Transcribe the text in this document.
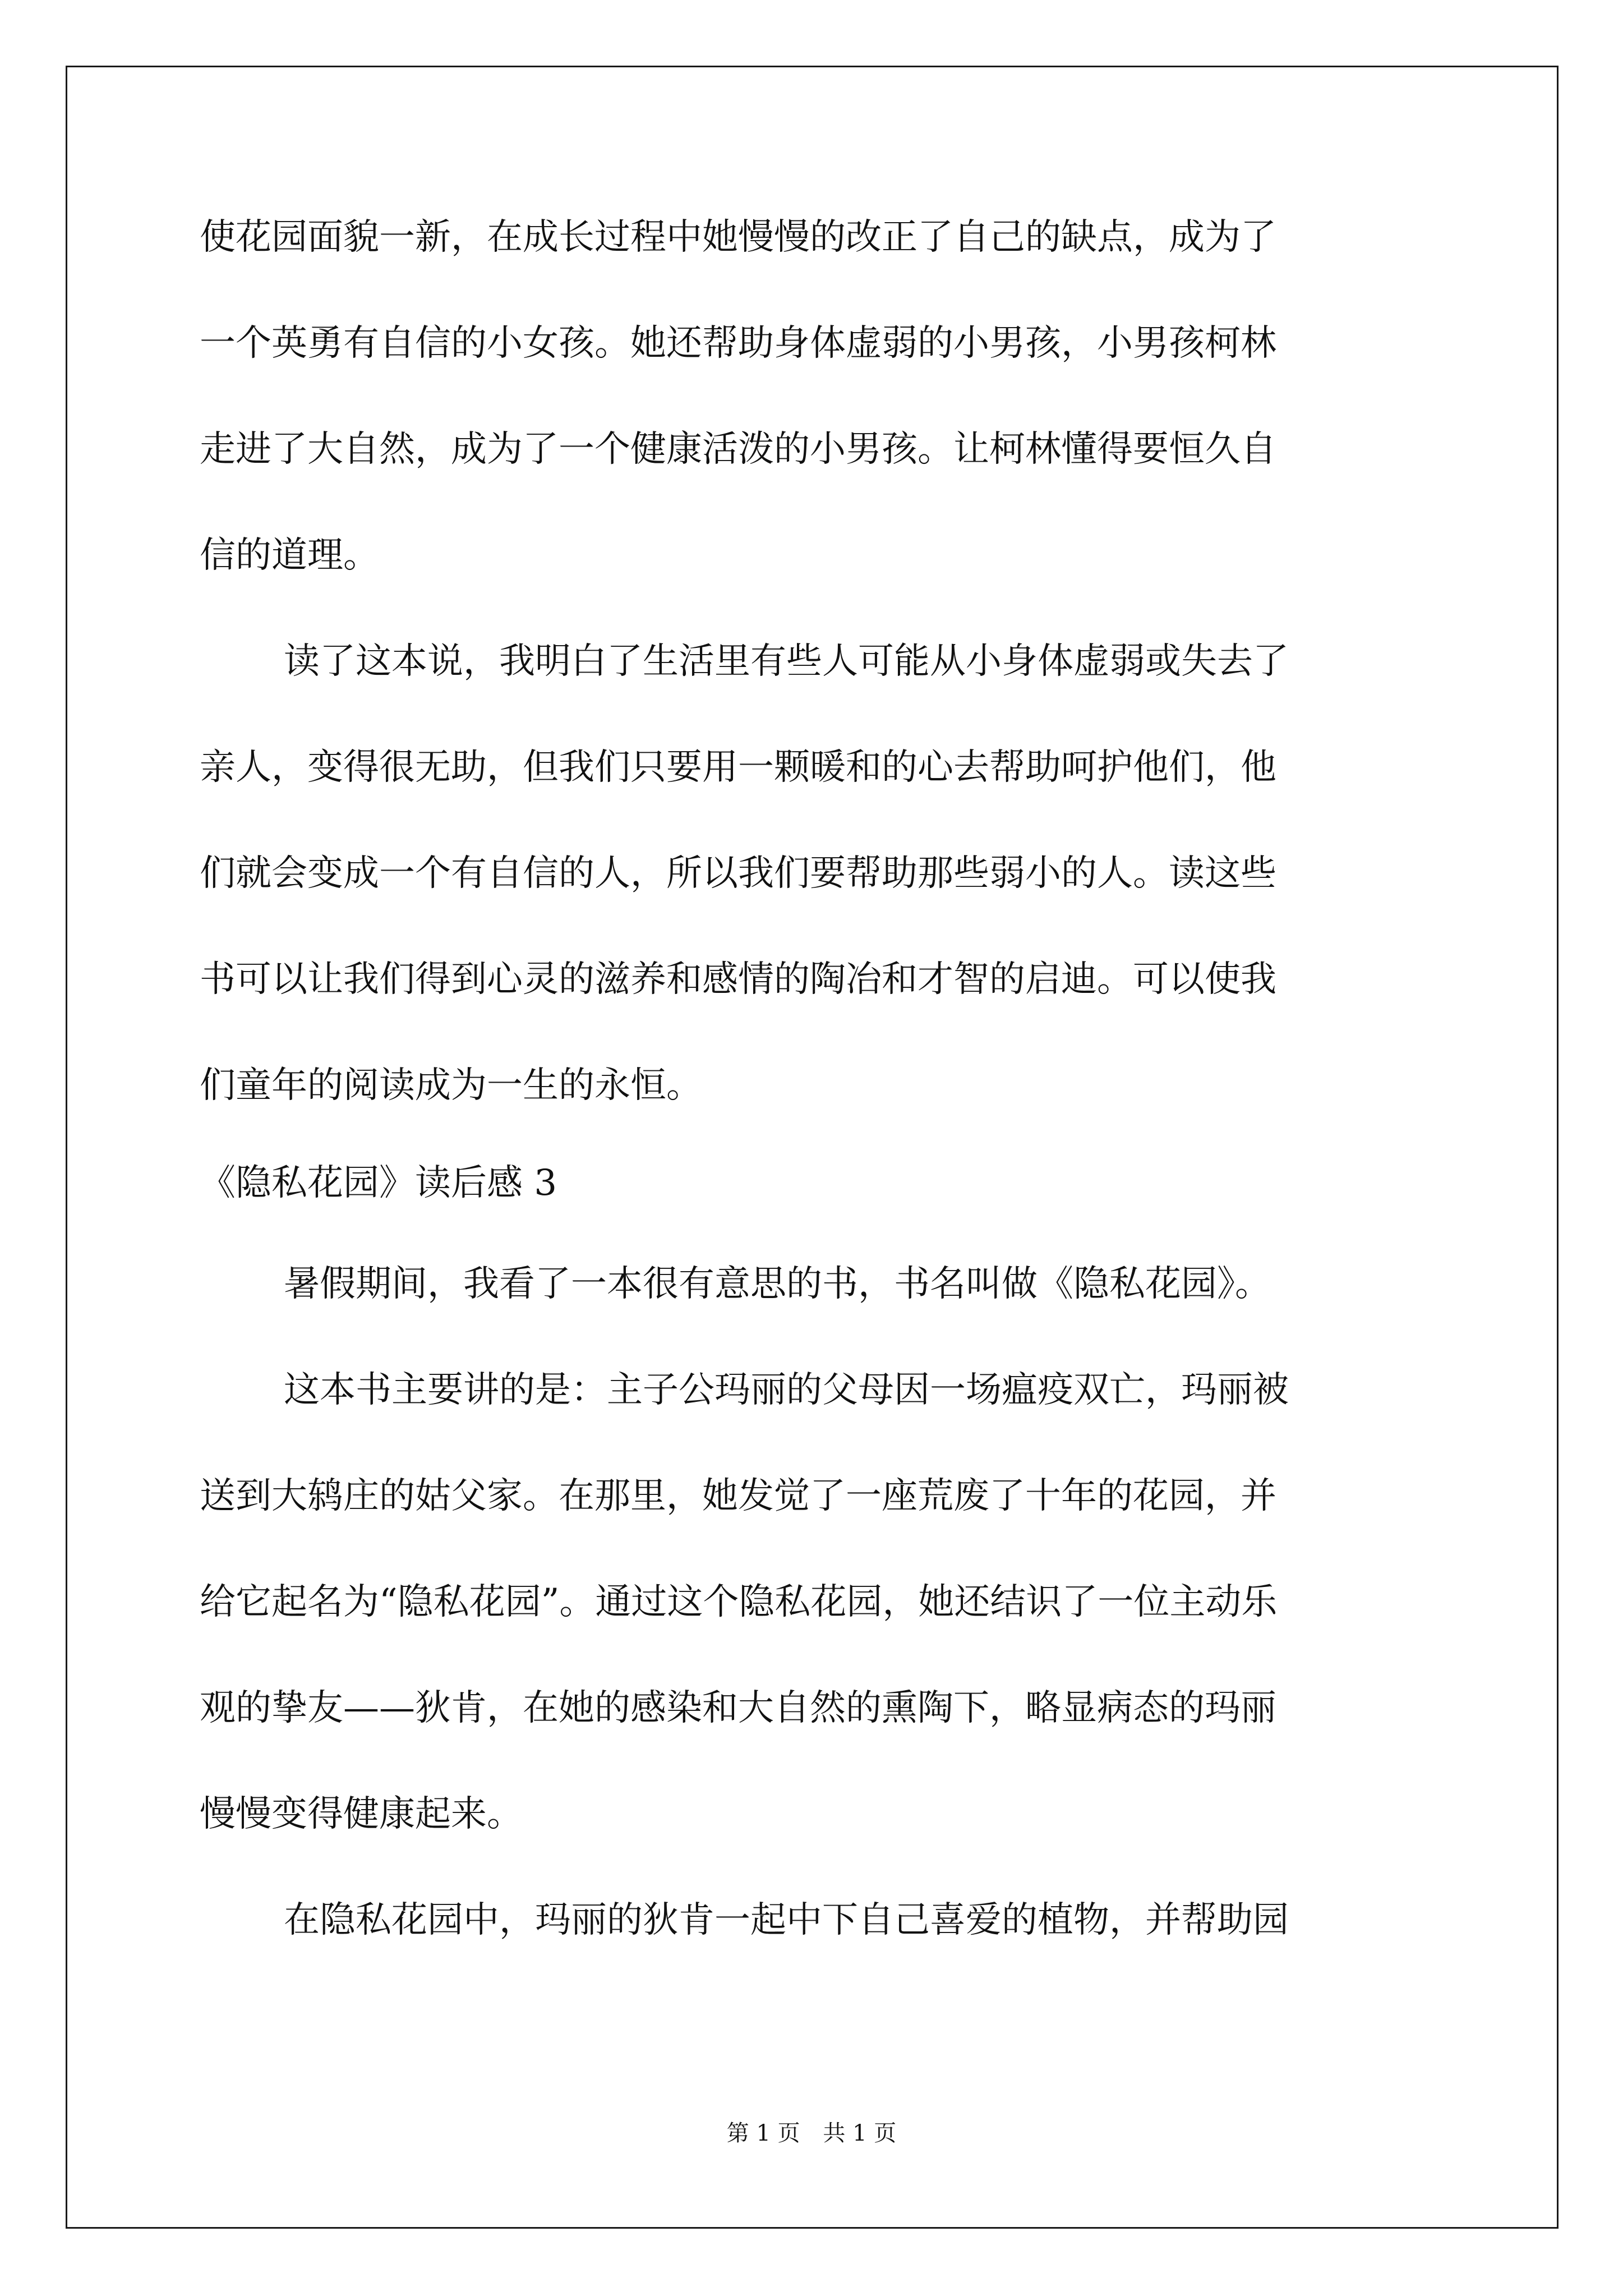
使花园面貌一新，在成长过程中她慢慢的改正了自己的缺点，成为了

一个英勇有自信的小女孩。她还帮助身体虚弱的小男孩，小男孩柯林

走进了大自然，成为了一个健康活泼的小男孩。让柯林懂得要恒久自

信的道理。

读了这本说，我明白了生活里有些人可能从小身体虚弱或失去了

亲人，变得很无助，但我们只要用一颗暖和的心去帮助呵护他们，他

们就会变成一个有自信的人，所以我们要帮助那些弱小的人。读这些

书可以让我们得到心灵的滋养和感情的陶冶和才智的启迪。可以使我

们童年的阅读成为一生的永恒。

《隐私花园》读后感 3

暑假期间，我看了一本很有意思的书，书名叫做《隐私花园》。

这本书主要讲的是：主子公玛丽的父母因一场瘟疫双亡，玛丽被

送到大鸫庄的姑父家。在那里，她发觉了一座荒废了十年的花园，并

给它起名为“隐私花园”。通过这个隐私花园，她还结识了一位主动乐

观的挚友——狄肯，在她的感染和大自然的熏陶下，略显病态的玛丽

慢慢变得健康起来。

在隐私花园中，玛丽的狄肯一起中下自己喜爱的植物，并帮助园

第 1 页 共 1 页
